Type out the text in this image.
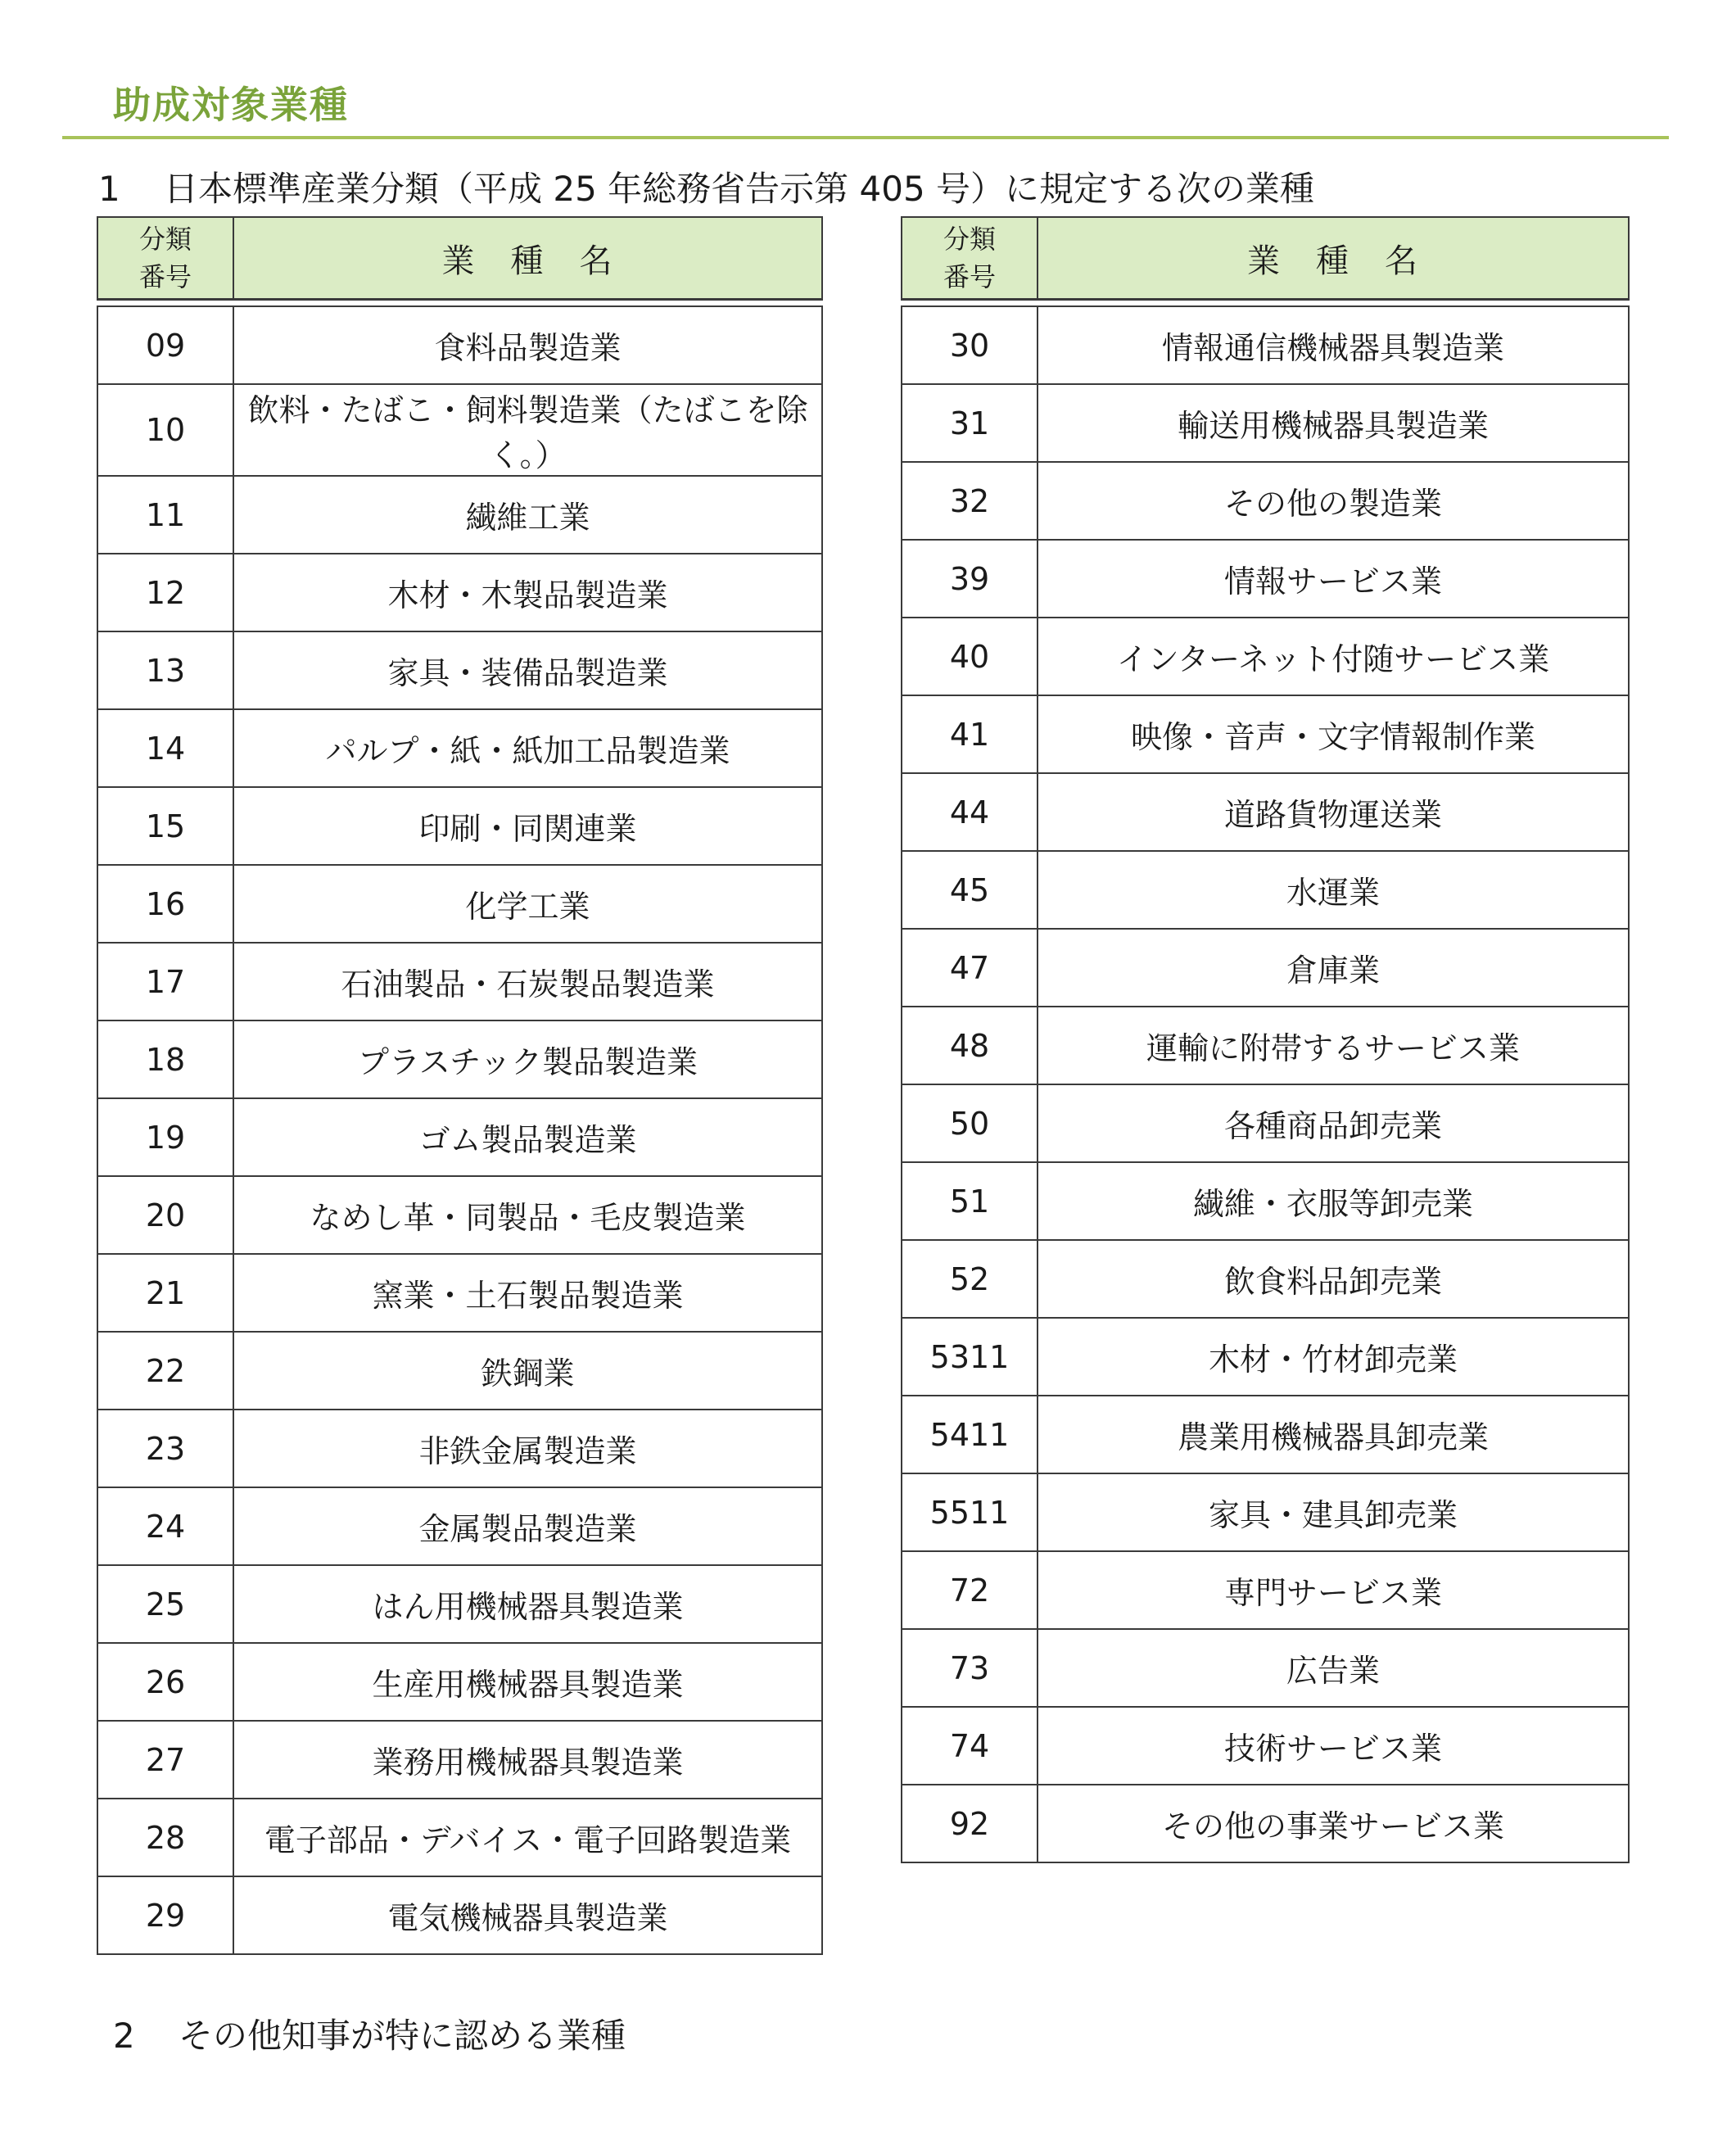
助成対象業種
1 日本標準産業分類（平成 25 年総務省告示第 405 号）に規定する次の業種
分類
番号	業　種　名

09	食料品製造業
10	飲料・たばこ・飼料製造業（たばこを除く。）
11	繊維工業
12	木材・木製品製造業
13	家具・装備品製造業
14	パルプ・紙・紙加工品製造業
15	印刷・同関連業
16	化学工業
17	石油製品・石炭製品製造業
18	プラスチック製品製造業
19	ゴム製品製造業
20	なめし革・同製品・毛皮製造業
21	窯業・土石製品製造業
22	鉄鋼業
23	非鉄金属製造業
24	金属製品製造業
25	はん用機械器具製造業
26	生産用機械器具製造業
27	業務用機械器具製造業
28	電子部品・デバイス・電子回路製造業
29	電気機械器具製造業
分類
番号	業　種　名

30	情報通信機械器具製造業
31	輸送用機械器具製造業
32	その他の製造業
39	情報サービス業
40	インターネット付随サービス業
41	映像・音声・文字情報制作業
44	道路貨物運送業
45	水運業
47	倉庫業
48	運輸に附帯するサービス業
50	各種商品卸売業
51	繊維・衣服等卸売業
52	飲食料品卸売業
5311	木材・竹材卸売業
5411	農業用機械器具卸売業
5511	家具・建具卸売業
72	専門サービス業
73	広告業
74	技術サービス業
92	その他の事業サービス業
2 その他知事が特に認める業種
